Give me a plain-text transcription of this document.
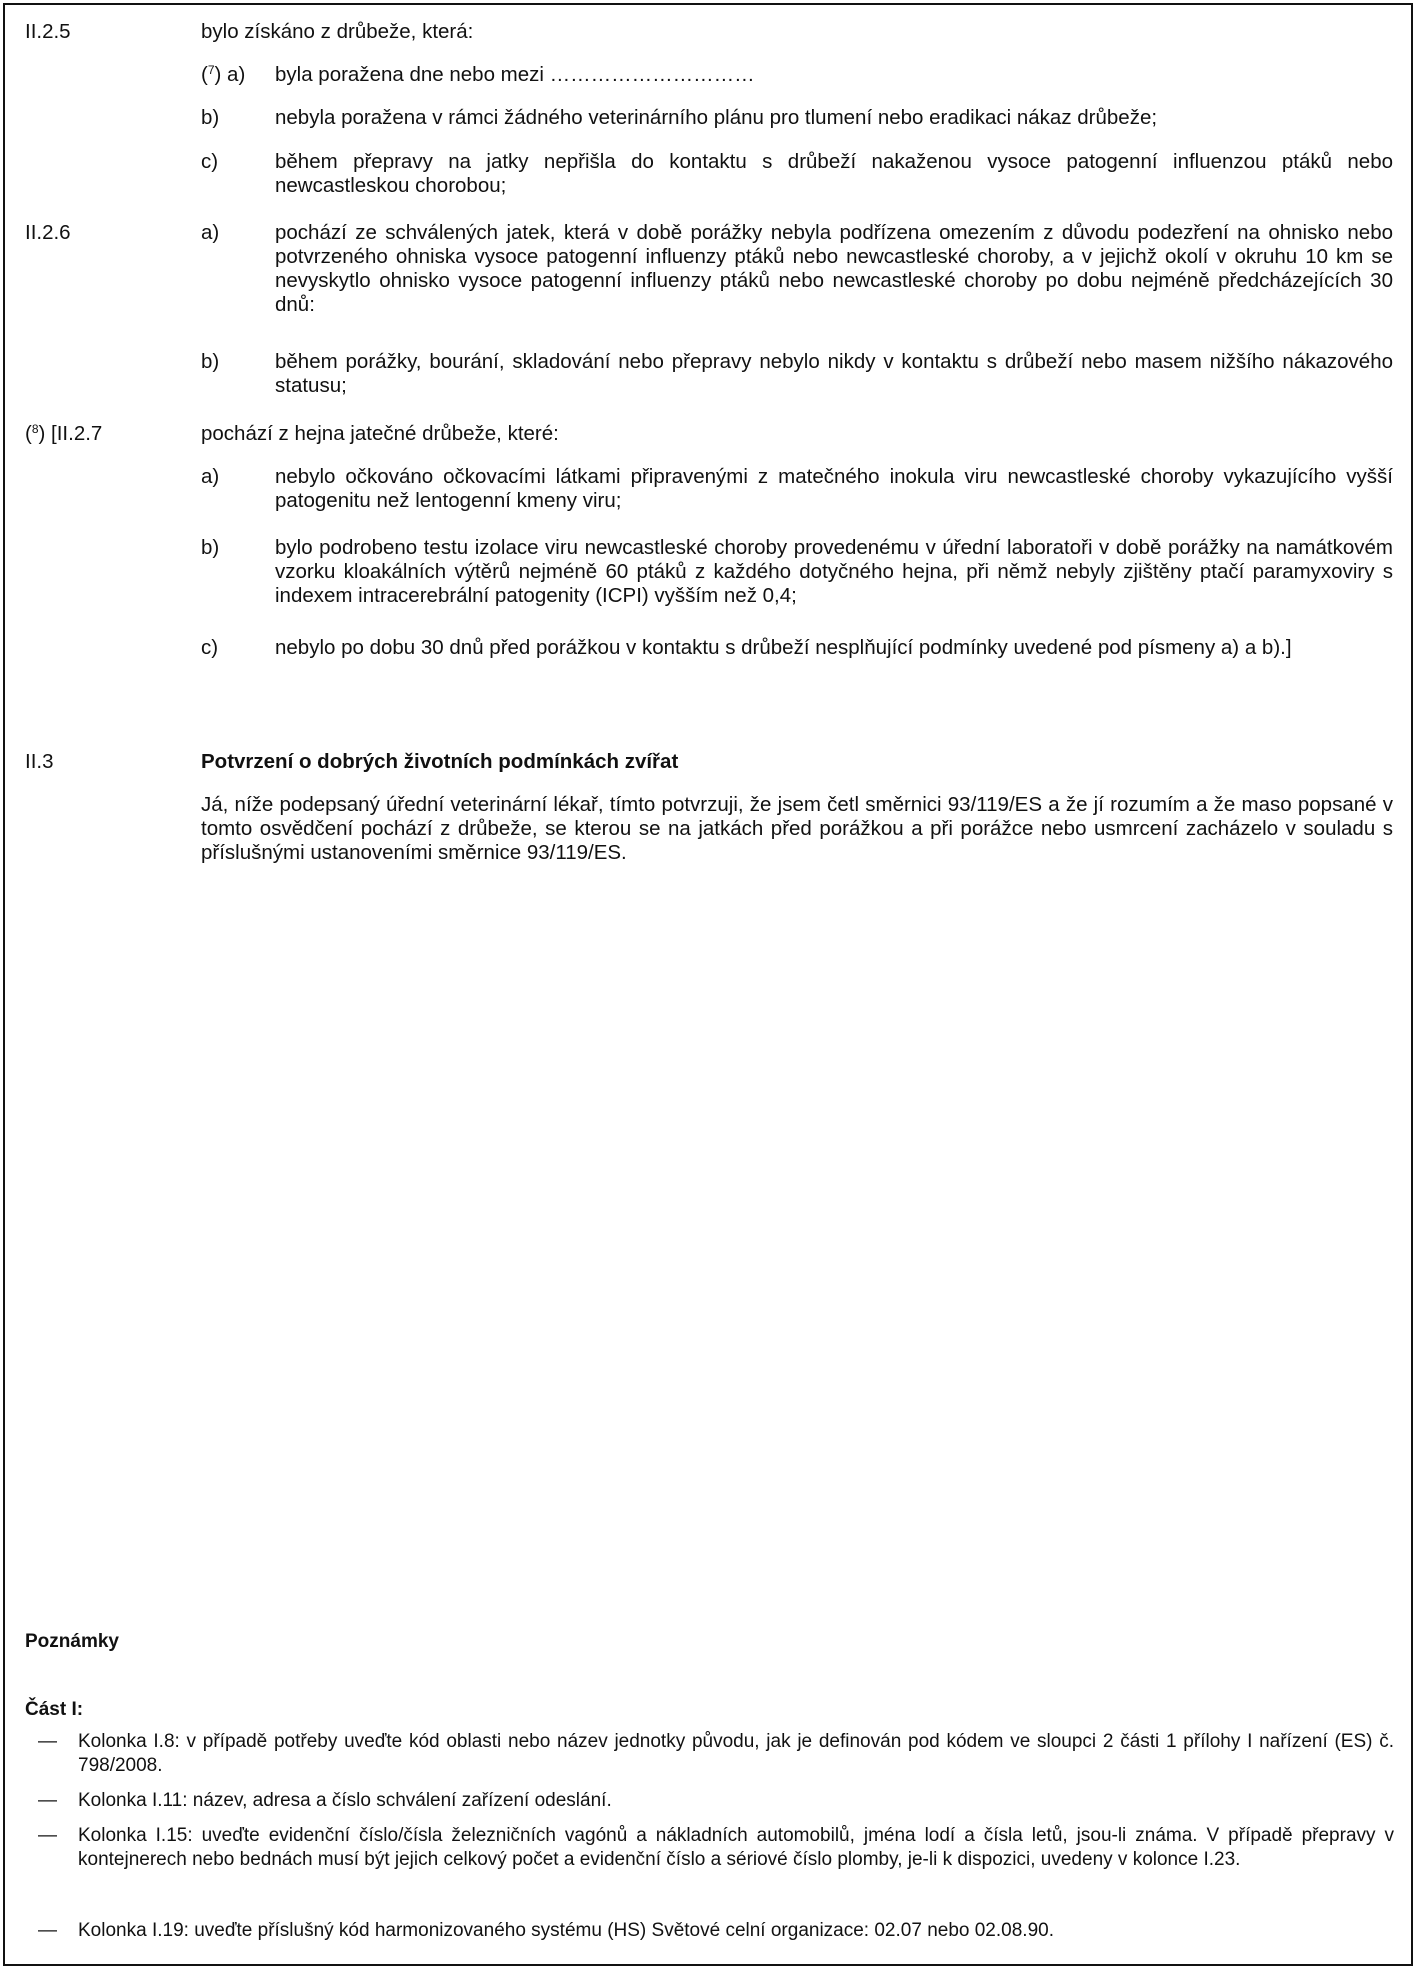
II.2.5	bylo získáno z drůbeže, která:
($^7$) a) byla poražena dne nebo mezi …………………………
b)	nebyla poražena v rámci žádného veterinárního plánu pro tlumení nebo eradikaci nákaz drůbeže;
c)	během přepravy na jatky nepřišla do kontaktu s drůbeží nakaženou vysoce patogenní influenzou ptáků nebo newcastleskou chorobou;
II.2.6	a)	pochází ze schválených jatek, která v době porážky nebyla podřízena omezením z důvodu podezření na ohnisko nebo potvrzeného ohniska vysoce patogenní influenzy ptáků nebo newcastleské choroby, a v jejichž okolí v okruhu 10 km se nevyskytlo ohnisko vysoce patogenní influenzy ptáků nebo newcastleské choroby po dobu nejméně předcházejících 30 dnů:
b)	během porážky, bourání, skladování nebo přepravy nebylo nikdy v kontaktu s drůbeží nebo masem nižšího nákazového statusu;
($^8$) [II.2.7	pochází z hejna jatečné drůbeže, které:
a)	nebylo očkováno očkovacími látkami připravenými z matečného inokula viru newcastleské choroby vykazujícího vyšší patogenitu než lentogenní kmeny viru;
b)	bylo podrobeno testu izolace viru newcastleské choroby provedenému v úřední laboratoři v době porážky na namátkovém vzorku kloakálních výtěrů nejméně 60 ptáků z každého dotyčného hejna, při němž nebyly zjištěny ptačí paramyxoviry s indexem intracerebrální patogenity (ICPI) vyšším než 0,4;
c)	nebylo po dobu 30 dnů před porážkou v kontaktu s drůbeží nesplňující podmínky uvedené pod písmeny a) a b).]
II.3	Potvrzení o dobrých životních podmínkách zvířat
Já, níže podepsaný úřední veterinární lékař, tímto potvrzuji, že jsem četl směrnici 93/119/ES a že jí rozumím a že maso popsané v tomto osvědčení pochází z drůbeže, se kterou se na jatkách před porážkou a při porážce nebo usmrcení zacházelo v souladu s příslušnými ustanoveními směrnice 93/119/ES.
Poznámky
Část I:
— Kolonka I.8: v případě potřeby uveďte kód oblasti nebo název jednotky původu, jak je definován pod kódem ve sloupci 2 části 1 přílohy I nařízení (ES) č. 798/2008.
— Kolonka I.11: název, adresa a číslo schválení zařízení odeslání.
— Kolonka I.15: uveďte evidenční číslo/čísla železničních vagónů a nákladních automobilů, jména lodí a čísla letů, jsou-li známa. V případě přepravy v kontejnerech nebo bednách musí být jejich celkový počet a evidenční číslo a sériové číslo plomby, je-li k dispozici, uvedeny v kolonce I.23.
— Kolonka I.19: uveďte příslušný kód harmonizovaného systému (HS) Světové celní organizace: 02.07 nebo 02.08.90.
